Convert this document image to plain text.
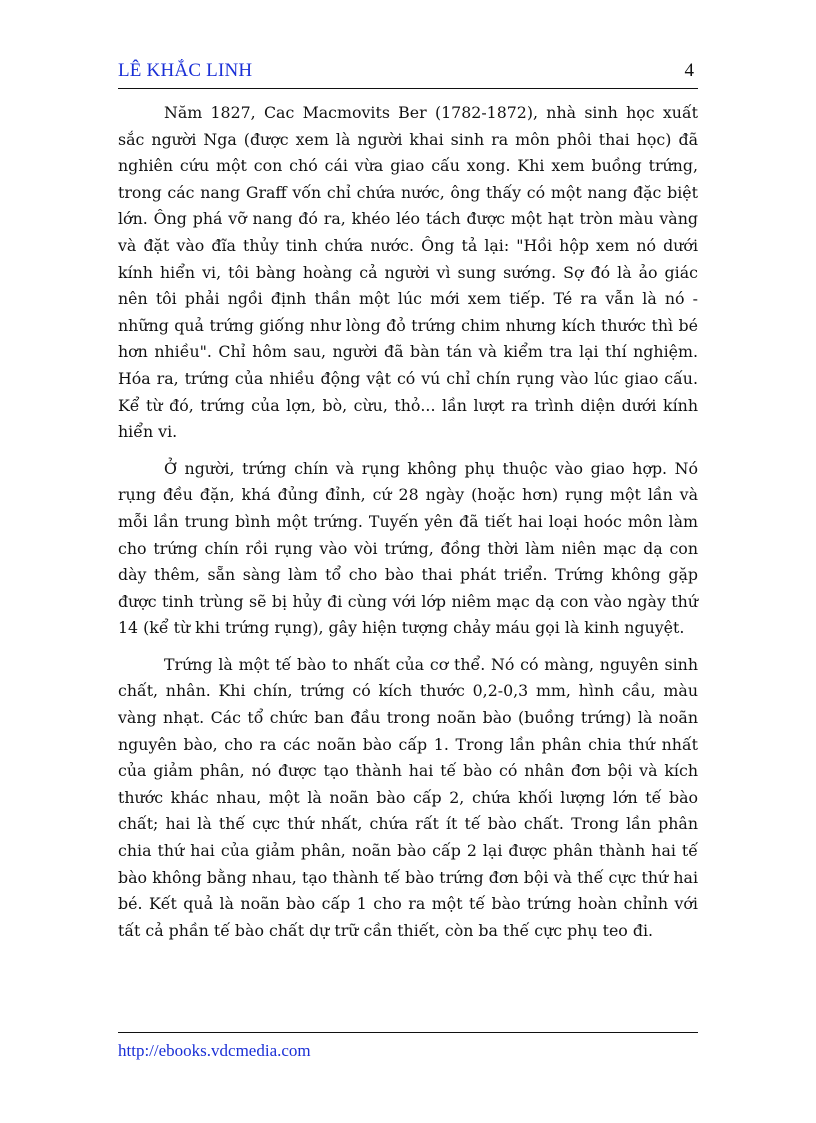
LÊ KHẮC LINH	4

Năm 1827, Cac Macmovits Ber (1782-1872), nhà sinh học xuất sắc người Nga (được xem là người khai sinh ra môn phôi thai học) đã nghiên cứu một con chó cái vừa giao cấu xong. Khi xem buồng trứng, trong các nang Graff vốn chỉ chứa nước, ông thấy có một nang đặc biệt lớn. Ông phá vỡ nang đó ra, khéo léo tách được một hạt tròn màu vàng và đặt vào đĩa thủy tinh chứa nước. Ông tả lại: "Hồi hộp xem nó dưới kính hiển vi, tôi bàng hoàng cả người vì sung sướng. Sợ đó là ảo giác nên tôi phải ngồi định thần một lúc mới xem tiếp. Té ra vẫn là nó - những quả trứng giống như lòng đỏ trứng chim nhưng kích thước thì bé hơn nhiều". Chỉ hôm sau, người đã bàn tán và kiểm tra lại thí nghiệm. Hóa ra, trứng của nhiều động vật có vú chỉ chín rụng vào lúc giao cấu. Kể từ đó, trứng của lợn, bò, cừu, thỏ... lần lượt ra trình diện dưới kính hiển vi.

Ở người, trứng chín và rụng không phụ thuộc vào giao hợp. Nó rụng đều đặn, khá đủng đỉnh, cứ 28 ngày (hoặc hơn) rụng một lần và mỗi lần trung bình một trứng. Tuyến yên đã tiết hai loại hoóc môn làm cho trứng chín rồi rụng vào vòi trứng, đồng thời làm niên mạc dạ con dày thêm, sẵn sàng làm tổ cho bào thai phát triển. Trứng không gặp được tinh trùng sẽ bị hủy đi cùng với lớp niêm mạc dạ con vào ngày thứ 14 (kể từ khi trứng rụng), gây hiện tượng chảy máu gọi là kinh nguyệt.

Trứng là một tế bào to nhất của cơ thể. Nó có màng, nguyên sinh chất, nhân. Khi chín, trứng có kích thước 0,2-0,3 mm, hình cầu, màu vàng nhạt. Các tổ chức ban đầu trong noãn bào (buồng trứng) là noãn nguyên bào, cho ra các noãn bào cấp 1. Trong lần phân chia thứ nhất của giảm phân, nó được tạo thành hai tế bào có nhân đơn bội và kích thước khác nhau, một là noãn bào cấp 2, chứa khối lượng lớn tế bào chất; hai là thế cực thứ nhất, chứa rất ít tế bào chất. Trong lần phân chia thứ hai của giảm phân, noãn bào cấp 2 lại được phân thành hai tế bào không bằng nhau, tạo thành tế bào trứng đơn bội và thế cực thứ hai bé. Kết quả là noãn bào cấp 1 cho ra một tế bào trứng hoàn chỉnh với tất cả phần tế bào chất dự trữ cần thiết, còn ba thế cực phụ teo đi.

http://ebooks.vdcmedia.com
